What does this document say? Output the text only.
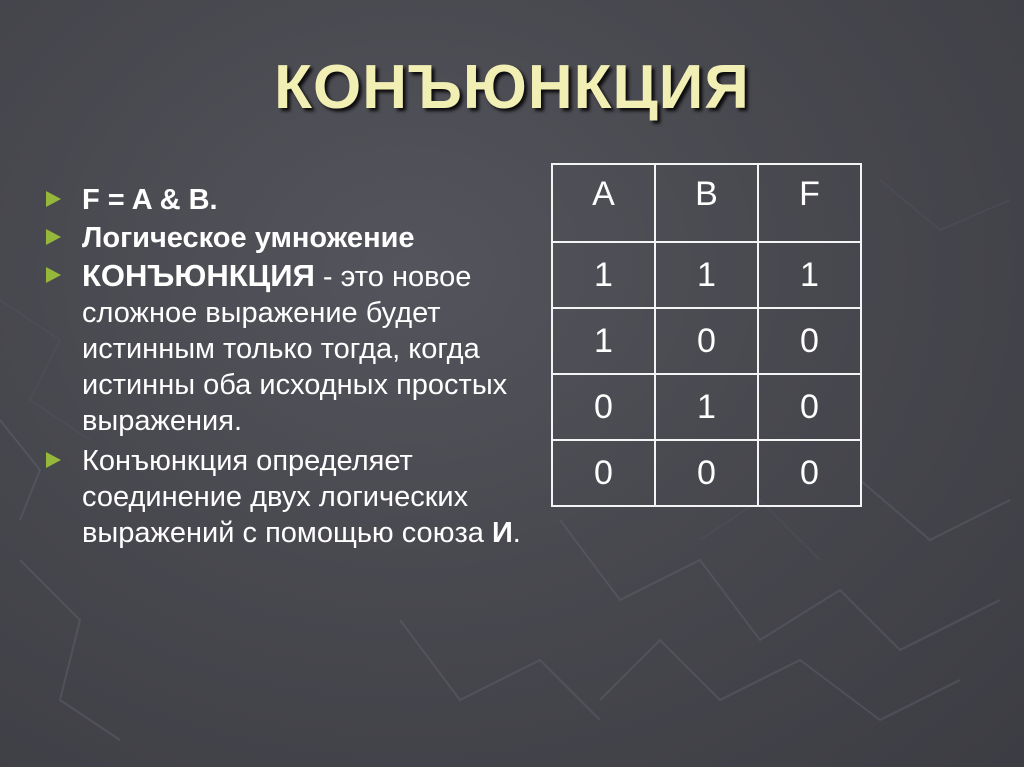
КОНЪЮНКЦИЯ
F = A & B.
Логическое умножение
КОНЪЮНКЦИЯ - это новое сложное выражение будет истинным только тогда, когда истинны оба исходных простых выражения.
Конъюнкция определяет соединение двух логических выражений с помощью союза И.
A	B	F
1	1	1
1	0	0
0	1	0
0	0	0
